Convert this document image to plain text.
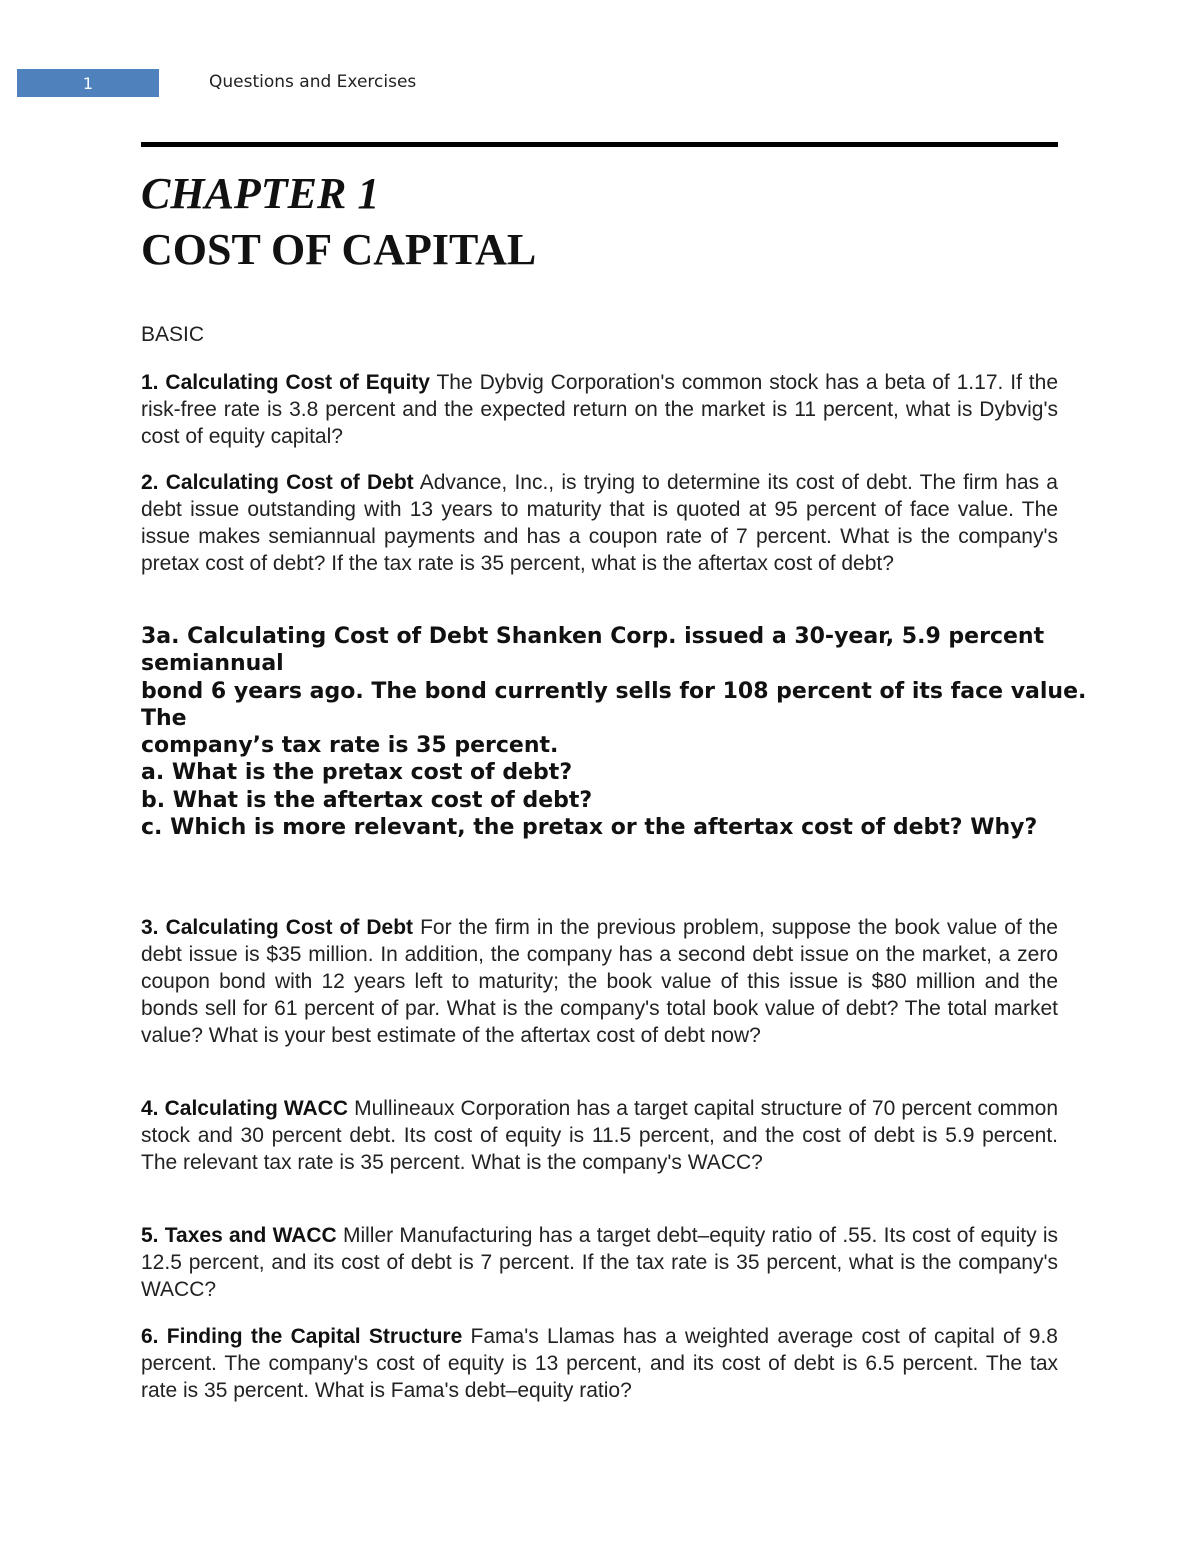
1	Questions and Exercises
CHAPTER 1
COST OF CAPITAL
BASIC

1. Calculating Cost of Equity The Dybvig Corporation's common stock has a beta of 1.17. If the risk-free rate is 3.8 percent and the expected return on the market is 11 percent, what is Dybvig's cost of equity capital?

2. Calculating Cost of Debt Advance, Inc., is trying to determine its cost of debt. The firm has a debt issue outstanding with 13 years to maturity that is quoted at 95 percent of face value. The issue makes semiannual payments and has a coupon rate of 7 percent. What is the company's pretax cost of debt? If the tax rate is 35 percent, what is the aftertax cost of debt?

3a. Calculating Cost of Debt Shanken Corp. issued a 30-year, 5.9 percent
semiannual
bond 6 years ago. The bond currently sells for 108 percent of its face value.
The
company’s tax rate is 35 percent.
a. What is the pretax cost of debt?
b. What is the aftertax cost of debt?
c. Which is more relevant, the pretax or the aftertax cost of debt? Why?

3. Calculating Cost of Debt For the firm in the previous problem, suppose the book value of the debt issue is $35 million. In addition, the company has a second debt issue on the market, a zero coupon bond with 12 years left to maturity; the book value of this issue is $80 million and the bonds sell for 61 percent of par. What is the company's total book value of debt? The total market value? What is your best estimate of the aftertax cost of debt now?

4. Calculating WACC Mullineaux Corporation has a target capital structure of 70 percent common stock and 30 percent debt. Its cost of equity is 11.5 percent, and the cost of debt is 5.9 percent. The relevant tax rate is 35 percent. What is the company's WACC?

5. Taxes and WACC Miller Manufacturing has a target debt–equity ratio of .55. Its cost of equity is 12.5 percent, and its cost of debt is 7 percent. If the tax rate is 35 percent, what is the company's WACC?

6. Finding the Capital Structure Fama's Llamas has a weighted average cost of capital of 9.8 percent. The company's cost of equity is 13 percent, and its cost of debt is 6.5 percent. The tax rate is 35 percent. What is Fama's debt–equity ratio?
